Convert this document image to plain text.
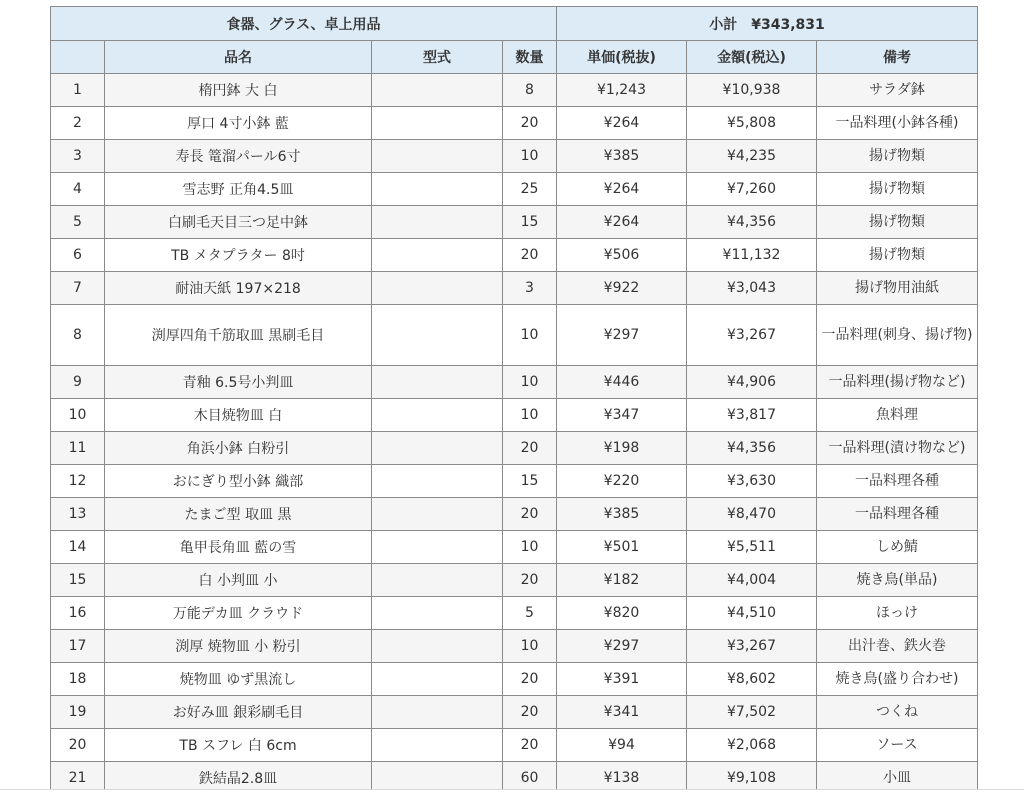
食器、グラス、卓上用品				小計　¥343,831		
	品名	型式	数量	単価(税抜)	金額(税込)	備考
1	楕円鉢 大 白		8	¥1,243	¥10,938	サラダ鉢
2	厚口 4寸小鉢 藍		20	¥264	¥5,808	一品料理(小鉢各種)
3	寿長 篭溜パール6寸		10	¥385	¥4,235	揚げ物類
4	雪志野 正角4.5皿		25	¥264	¥7,260	揚げ物類
5	白刷毛天目三つ足中鉢		15	¥264	¥4,356	揚げ物類
6	TB メタプラター 8吋		20	¥506	¥11,132	揚げ物類
7	耐油天紙 197×218		3	¥922	¥3,043	揚げ物用油紙
8	渕厚四角千筋取皿 黒刷毛目		10	¥297	¥3,267	一品料理(刺身、揚げ物)
9	青釉 6.5号小判皿		10	¥446	¥4,906	一品料理(揚げ物など)
10	木目焼物皿 白		10	¥347	¥3,817	魚料理
11	角浜小鉢 白粉引		20	¥198	¥4,356	一品料理(漬け物など)
12	おにぎり型小鉢 織部		15	¥220	¥3,630	一品料理各種
13	たまご型 取皿 黒		20	¥385	¥8,470	一品料理各種
14	亀甲長角皿 藍の雪		10	¥501	¥5,511	しめ鯖
15	白 小判皿 小		20	¥182	¥4,004	焼き鳥(単品)
16	万能デカ皿 クラウド		5	¥820	¥4,510	ほっけ
17	渕厚 焼物皿 小 粉引		10	¥297	¥3,267	出汁巻、鉄火巻
18	焼物皿 ゆず黒流し		20	¥391	¥8,602	焼き鳥(盛り合わせ)
19	お好み皿 銀彩刷毛目		20	¥341	¥7,502	つくね
20	TB スフレ 白 6cm		20	¥94	¥2,068	ソース
21	鉄結晶2.8皿		60	¥138	¥9,108	小皿
